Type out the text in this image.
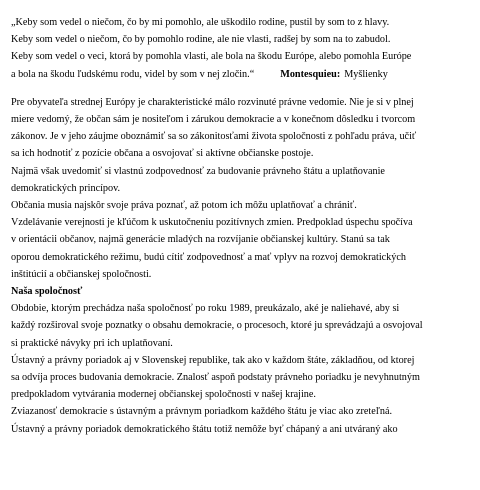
„Keby som vedel o niečom, čo by mi pomohlo, ale uškodilo rodine, pustil by som to z hlavy.

Keby som vedel o niečom, čo by pomohlo rodine, ale nie vlasti, radšej by som na to zabudol.

Keby som vedel o veci, ktorá by pomohla vlasti, ale bola na škodu Európe, alebo pomohla Európe

a bola na škodu ľudskému rodu, videl by som v nej zločin.“	Montesquieu: Myšlienky

Pre obyvateľa strednej Európy je charakteristické málo rozvinuté právne vedomie. Nie je si v plnej

miere vedomý, že občan sám je nositeľom i zárukou demokracie a v konečnom dôsledku i tvorcom

zákonov. Je v jeho záujme oboznámiť sa so zákonitosťami života spoločnosti z pohľadu práva, učiť

sa ich hodnotiť z pozície občana a osvojovať si aktívne občianske postoje.

Najmä však uvedomiť si vlastnú zodpovednosť za budovanie právneho štátu a uplatňovanie

demokratických princípov.

Občania musia najskôr svoje práva poznať, až potom ich môžu uplatňovať a chrániť.

Vzdelávanie verejnosti je kľúčom k uskutočneniu pozitívnych zmien. Predpoklad úspechu spočíva

v orientácii občanov, najmä generácie mladých na rozvíjanie občianskej kultúry. Stanú sa tak

oporou demokratického režimu, budú cítiť zodpovednosť a mať vplyv na rozvoj demokratických

inštitúcií a občianskej spoločnosti.

Naša spoločnosť

Obdobie, ktorým prechádza naša spoločnosť po roku 1989, preukázalo, aké je naliehavé, aby si

každý rozširoval svoje poznatky o obsahu demokracie, o procesoch, ktoré ju sprevádzajú a osvojoval

si praktické návyky pri ich uplatňovaní.

Ústavný a právny poriadok aj v Slovenskej republike, tak ako v každom štáte, základňou, od ktorej

sa odvíja proces budovania demokracie. Znalosť aspoň podstaty právneho poriadku je nevyhnutným

predpokladom vytvárania modernej občianskej spoločnosti v našej krajine.

Zviazanosť demokracie s ústavným a právnym poriadkom každého štátu je viac ako zreteľná.

Ústavný a právny poriadok demokratického štátu totiž nemôže byť chápaný a ani utváraný ako
